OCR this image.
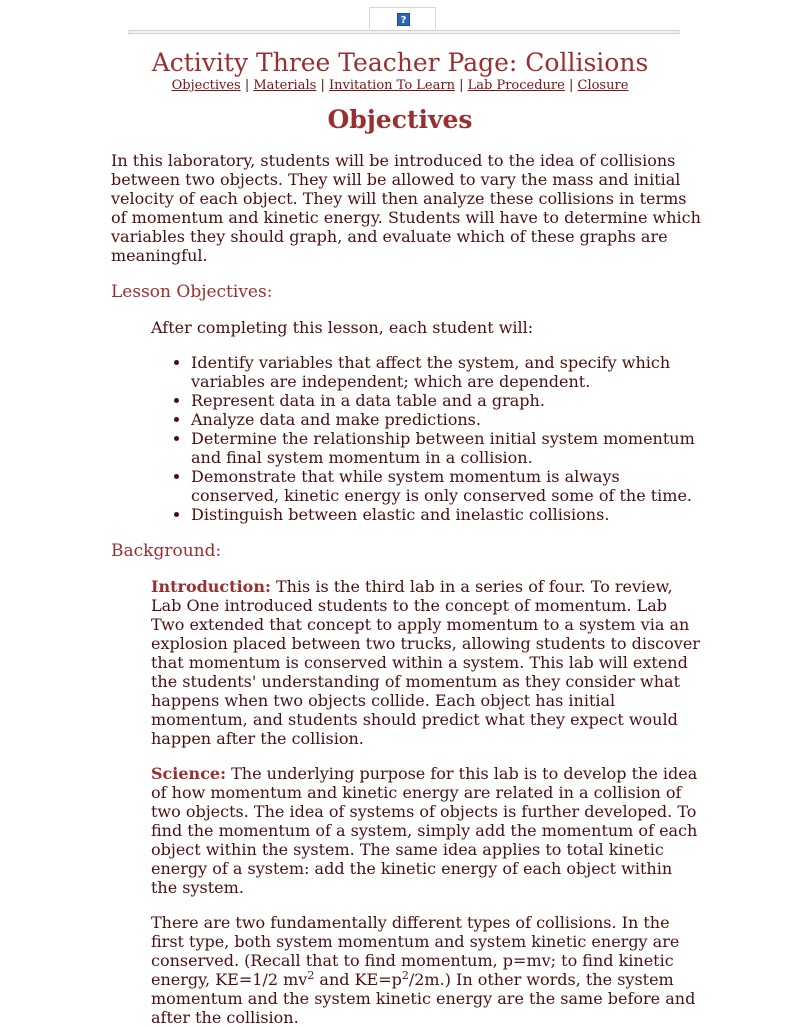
?
Activity Three Teacher Page: Collisions
Objectives | Materials | Invitation To Learn | Lab Procedure | Closure
Objectives

In this laboratory, students will be introduced to the idea of collisions between two objects. They will be allowed to vary the mass and initial velocity of each object. They will then analyze these collisions in terms of momentum and kinetic energy. Students will have to determine which variables they should graph, and evaluate which of these graphs are meaningful.

Lesson Objectives:

After completing this lesson, each student will:

• Identify variables that affect the system, and specify which variables are independent; which are dependent.
• Represent data in a data table and a graph.
• Analyze data and make predictions.
• Determine the relationship between initial system momentum and final system momentum in a collision.
• Demonstrate that while system momentum is always conserved, kinetic energy is only conserved some of the time.
• Distinguish between elastic and inelastic collisions.
Background:

Introduction: This is the third lab in a series of four. To review, Lab One introduced students to the concept of momentum. Lab Two extended that concept to apply momentum to a system via an explosion placed between two trucks, allowing students to discover that momentum is conserved within a system. This lab will extend the students' understanding of momentum as they consider what happens when two objects collide. Each object has initial momentum, and students should predict what they expect would happen after the collision.

Science: The underlying purpose for this lab is to develop the idea of how momentum and kinetic energy are related in a collision of two objects. The idea of systems of objects is further developed. To find the momentum of a system, simply add the momentum of each object within the system. The same idea applies to total kinetic energy of a system: add the kinetic energy of each object within the system.

There are two fundamentally different types of collisions. In the first type, both system momentum and system kinetic energy are conserved. (Recall that to find momentum, p=mv; to find kinetic energy, KE=1/2 $mv^2$ and $KE=p^2/2m$.) In other words, the system momentum and the system kinetic energy are the same before and after the collision.
